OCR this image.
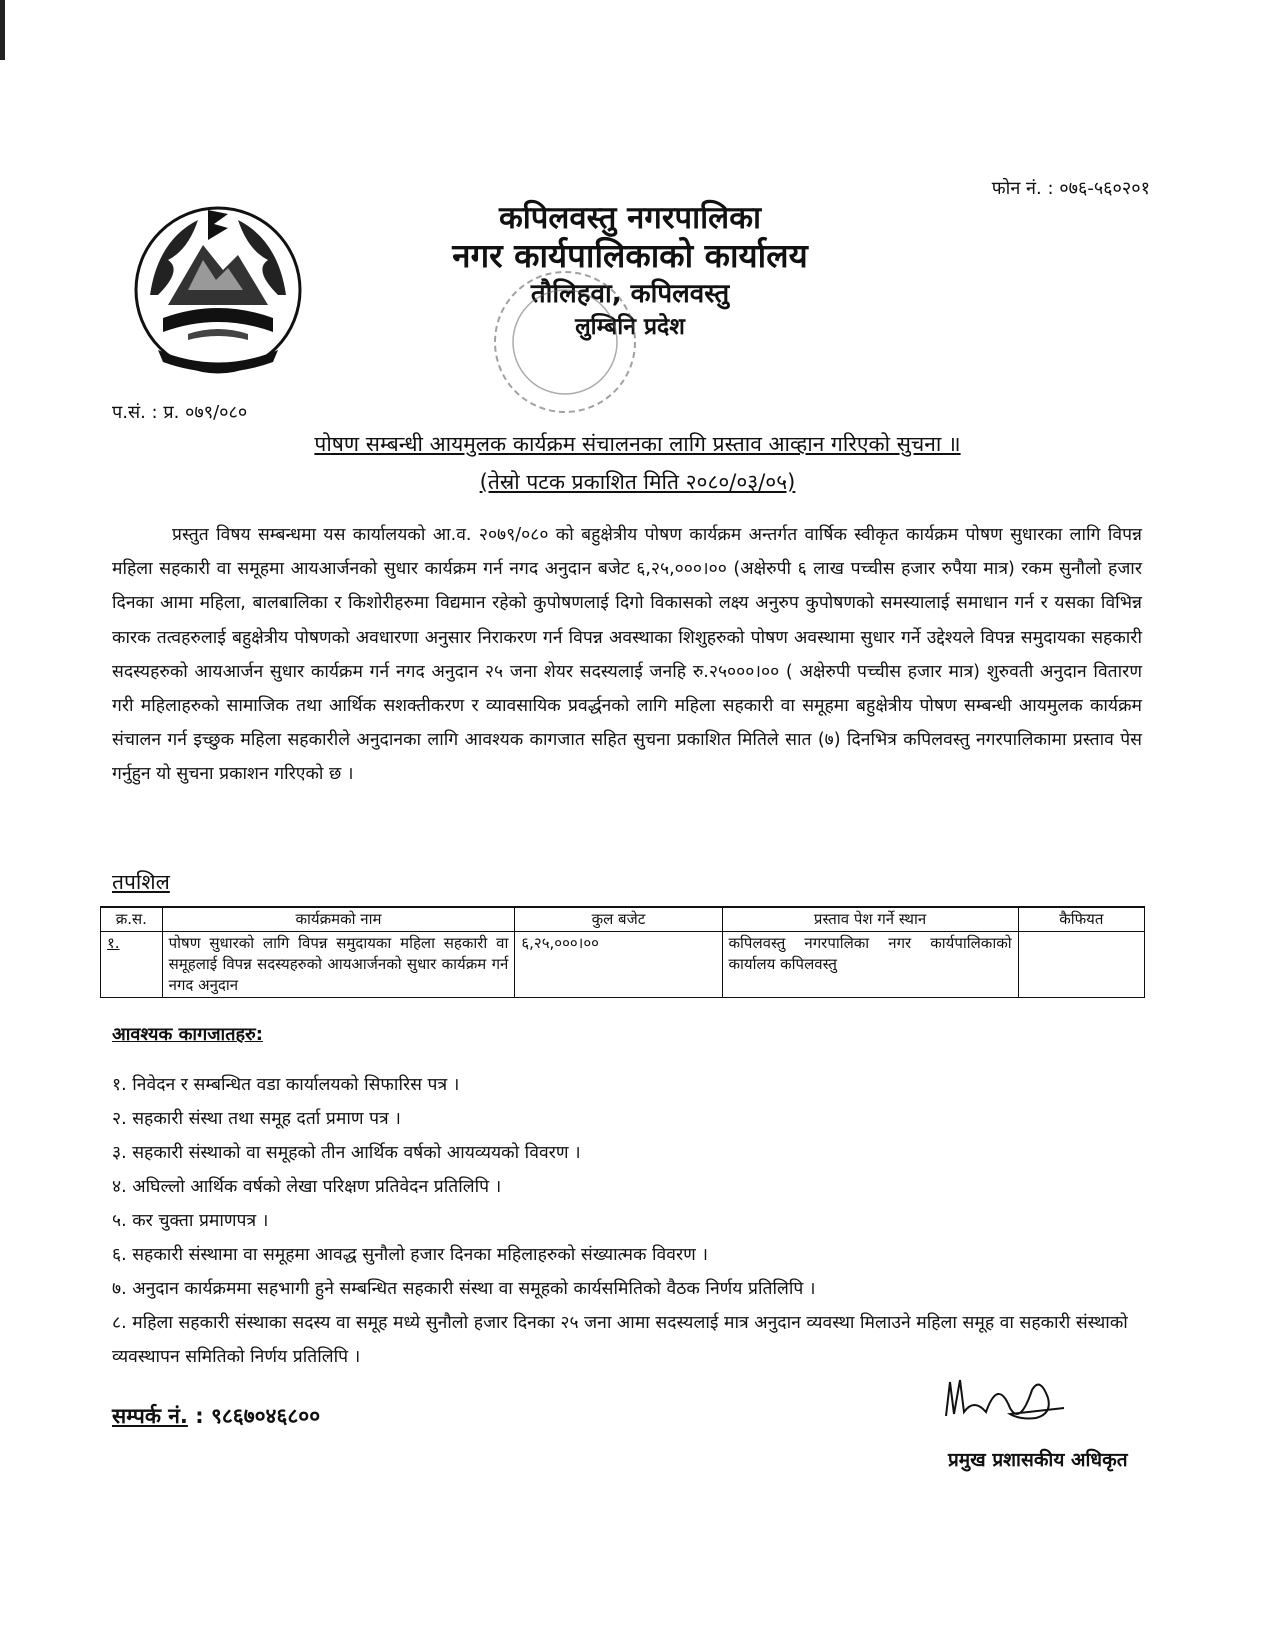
फोन नं. : ०७६-५६०२०१
कपिलवस्तु नगरपालिका
नगर कार्यपालिकाको कार्यालय
तौलिहवा, कपिलवस्तु
लुम्बिनि प्रदेश
प.सं. : प्र. ०७९/०८०
पोषण सम्बन्धी आयमुलक कार्यक्रम संचालनका लागि प्रस्ताव आव्हान गरिएको सुचना ॥
(तेस्रो पटक प्रकाशित मिति २०८०/०३/०५)

प्रस्तुत विषय सम्बन्धमा यस कार्यालयको आ.व. २०७९/०८० को बहुक्षेत्रीय पोषण कार्यक्रम अन्तर्गत वार्षिक स्वीकृत कार्यक्रम पोषण सुधारका लागि विपन्न महिला सहकारी वा समूहमा आयआर्जनको सुधार कार्यक्रम गर्न नगद अनुदान बजेट ६,२५,०००।०० (अक्षेरुपी ६ लाख पच्चीस हजार रुपैया मात्र) रकम सुनौलो हजार दिनका आमा महिला, बालबालिका र किशोरीहरुमा विद्यमान रहेको कुपोषणलाई दिगो विकासको लक्ष्य अनुरुप कुपोषणको समस्यालाई समाधान गर्न र यसका विभिन्न कारक तत्वहरुलाई बहुक्षेत्रीय पोषणको अवधारणा अनुसार निराकरण गर्न विपन्न अवस्थाका शिशुहरुको पोषण अवस्थामा सुधार गर्ने उद्देश्यले विपन्न समुदायका सहकारी सदस्यहरुको आयआर्जन सुधार कार्यक्रम गर्न नगद अनुदान २५ जना शेयर सदस्यलाई जनहि रु.२५०००।०० ( अक्षेरुपी पच्चीस हजार मात्र) शुरुवती अनुदान वितारण गरी महिलाहरुको सामाजिक तथा आर्थिक सशक्तीकरण र व्यावसायिक प्रवर्द्धनको लागि महिला सहकारी वा समूहमा बहुक्षेत्रीय पोषण सम्बन्धी आयमुलक कार्यक्रम संचालन गर्न इच्छुक महिला सहकारीले अनुदानका लागि आवश्यक कागजात सहित सुचना प्रकाशित मितिले सात (७) दिनभित्र कपिलवस्तु नगरपालिकामा प्रस्ताव पेस गर्नुहुन यो सुचना प्रकाशन गरिएको छ ।

तपशिल
क्र.स.	कार्यक्रमको नाम	कुल बजेट	प्रस्ताव पेश गर्ने स्थान	कैफियत
१.	पोषण सुधारको लागि विपन्न समुदायका महिला सहकारी वा समूहलाई विपन्न सदस्यहरुको आयआर्जनको सुधार कार्यक्रम गर्न नगद अनुदान	६,२५,०००।००	कपिलवस्तु नगरपालिका नगर कार्यपालिकाको कार्यालय कपिलवस्तु	
आवश्यक कागजातहरु:
१. निवेदन र सम्बन्धित वडा कार्यालयको सिफारिस पत्र ।
२. सहकारी संस्था तथा समूह दर्ता प्रमाण पत्र ।
३. सहकारी संस्थाको वा समूहको तीन आर्थिक वर्षको आयव्ययको विवरण ।
४. अघिल्लो आर्थिक वर्षको लेखा परिक्षण प्रतिवेदन प्रतिलिपि ।
५. कर चुक्ता प्रमाणपत्र ।
६. सहकारी संस्थामा वा समूहमा आवद्ध सुनौलो हजार दिनका महिलाहरुको संख्यात्मक विवरण ।
७. अनुदान कार्यक्रममा सहभागी हुने सम्बन्धित सहकारी संस्था वा समूहको कार्यसमितिको वैठक निर्णय प्रतिलिपि ।
८. महिला सहकारी संस्थाका सदस्य वा समूह मध्ये सुनौलो हजार दिनका २५ जना आमा सदस्यलाई मात्र अनुदान व्यवस्था मिलाउने महिला समूह वा सहकारी संस्थाको व्यवस्थापन समितिको निर्णय प्रतिलिपि ।
सम्पर्क नं. : ९८६७०४६८००
प्रमुख प्रशासकीय अधिकृत
